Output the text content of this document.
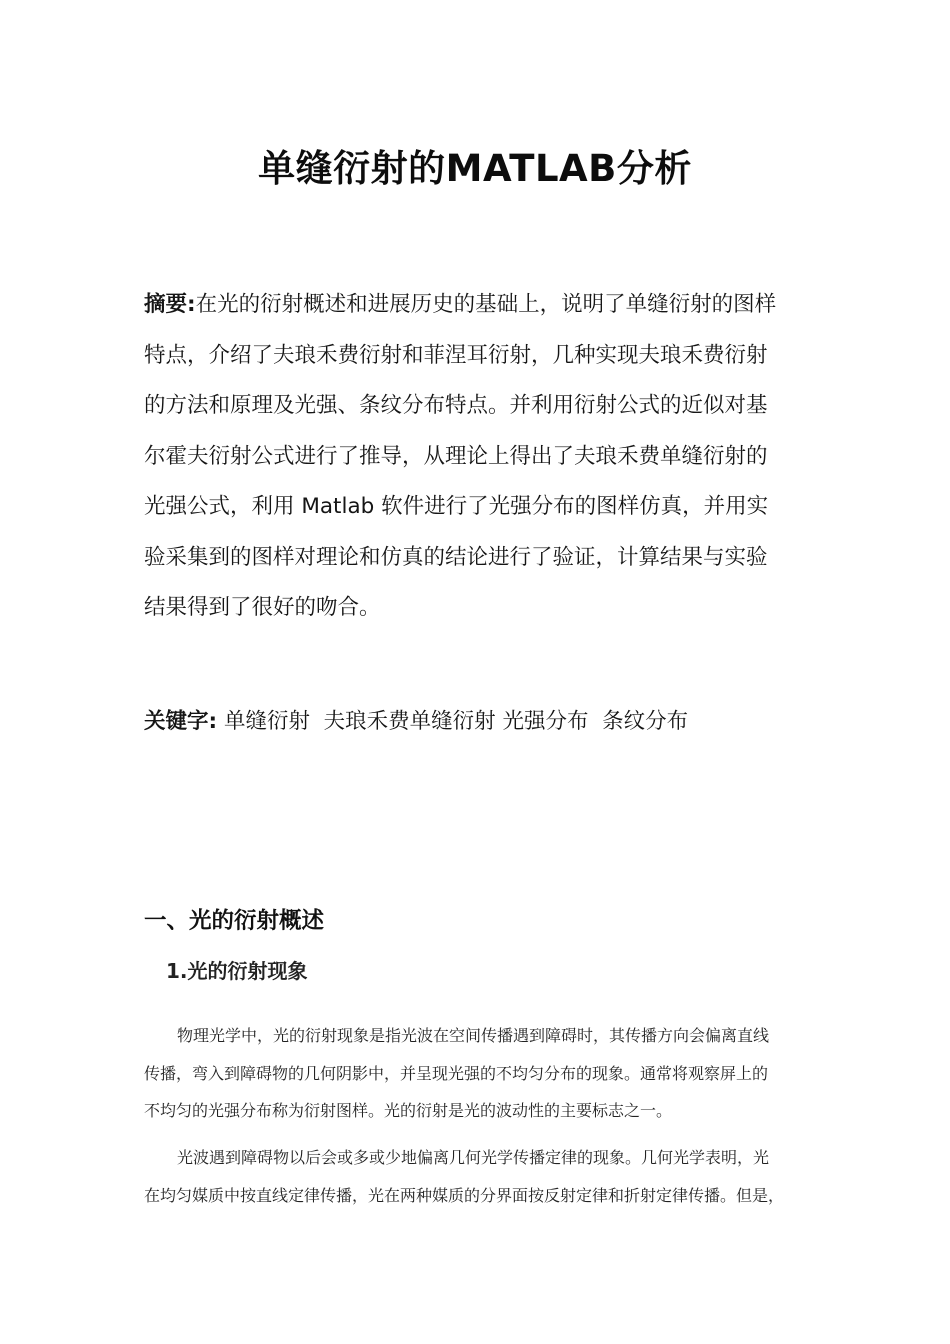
单缝衍射的MATLAB分析
摘要:在光的衍射概述和进展历史的基础上，说明了单缝衍射的图样
特点，介绍了夫琅禾费衍射和菲涅耳衍射，几种实现夫琅禾费衍射
的方法和原理及光强、条纹分布特点。并利用衍射公式的近似对基
尔霍夫衍射公式进行了推导，从理论上得出了夫琅禾费单缝衍射的
光强公式，利用 Matlab 软件进行了光强分布的图样仿真，并用实
验采集到的图样对理论和仿真的结论进行了验证，计算结果与实验
结果得到了很好的吻合。
关键字: 单缝衍射  夫琅禾费单缝衍射 光强分布  条纹分布
一、光的衍射概述
1.光的衍射现象
物理光学中，光的衍射现象是指光波在空间传播遇到障碍时，其传播方向会偏离直线
传播，弯入到障碍物的几何阴影中，并呈现光强的不均匀分布的现象。通常将观察屏上的
不均匀的光强分布称为衍射图样。光的衍射是光的波动性的主要标志之一。
光波遇到障碍物以后会或多或少地偏离几何光学传播定律的现象。几何光学表明，光
在均匀媒质中按直线定律传播，光在两种媒质的分界面按反射定律和折射定律传播。但是，
